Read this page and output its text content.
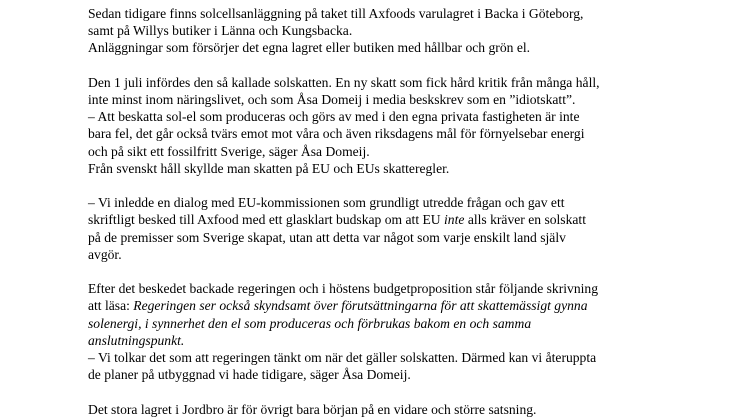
Sedan tidigare finns solcellsanläggning på taket till Axfoods varulagret i Backa i Göteborg,
samt på Willys butiker i Länna och Kungsbacka.
Anläggningar som försörjer det egna lagret eller butiken med hållbar och grön el.

Den 1 juli infördes den så kallade solskatten. En ny skatt som fick hård kritik från många håll,
inte minst inom näringslivet, och som Åsa Domeij i media beskskrev som en ”idiotskatt”.
– Att beskatta sol-el som produceras och görs av med i den egna privata fastigheten är inte
bara fel, det går också tvärs emot mot våra och även riksdagens mål för förnyelsebar energi
och på sikt ett fossilfritt Sverige, säger Åsa Domeij.
Från svenskt håll skyllde man skatten på EU och EUs skatteregler.

– Vi inledde en dialog med EU-kommissionen som grundligt utredde frågan och gav ett
skriftligt besked till Axfood med ett glasklart budskap om att EU inte alls kräver en solskatt
på de premisser som Sverige skapat, utan att detta var något som varje enskilt land själv
avgör.

Efter det beskedet backade regeringen och i höstens budgetproposition står följande skrivning
att läsa: Regeringen ser också skyndsamt över förutsättningarna för att skattemässigt gynna
solenergi, i synnerhet den el som produceras och förbrukas bakom en och samma
anslutningspunkt.
– Vi tolkar det som att regeringen tänkt om när det gäller solskatten. Därmed kan vi återuppta
de planer på utbyggnad vi hade tidigare, säger Åsa Domeij.

Det stora lagret i Jordbro är för övrigt bara början på en vidare och större satsning.
